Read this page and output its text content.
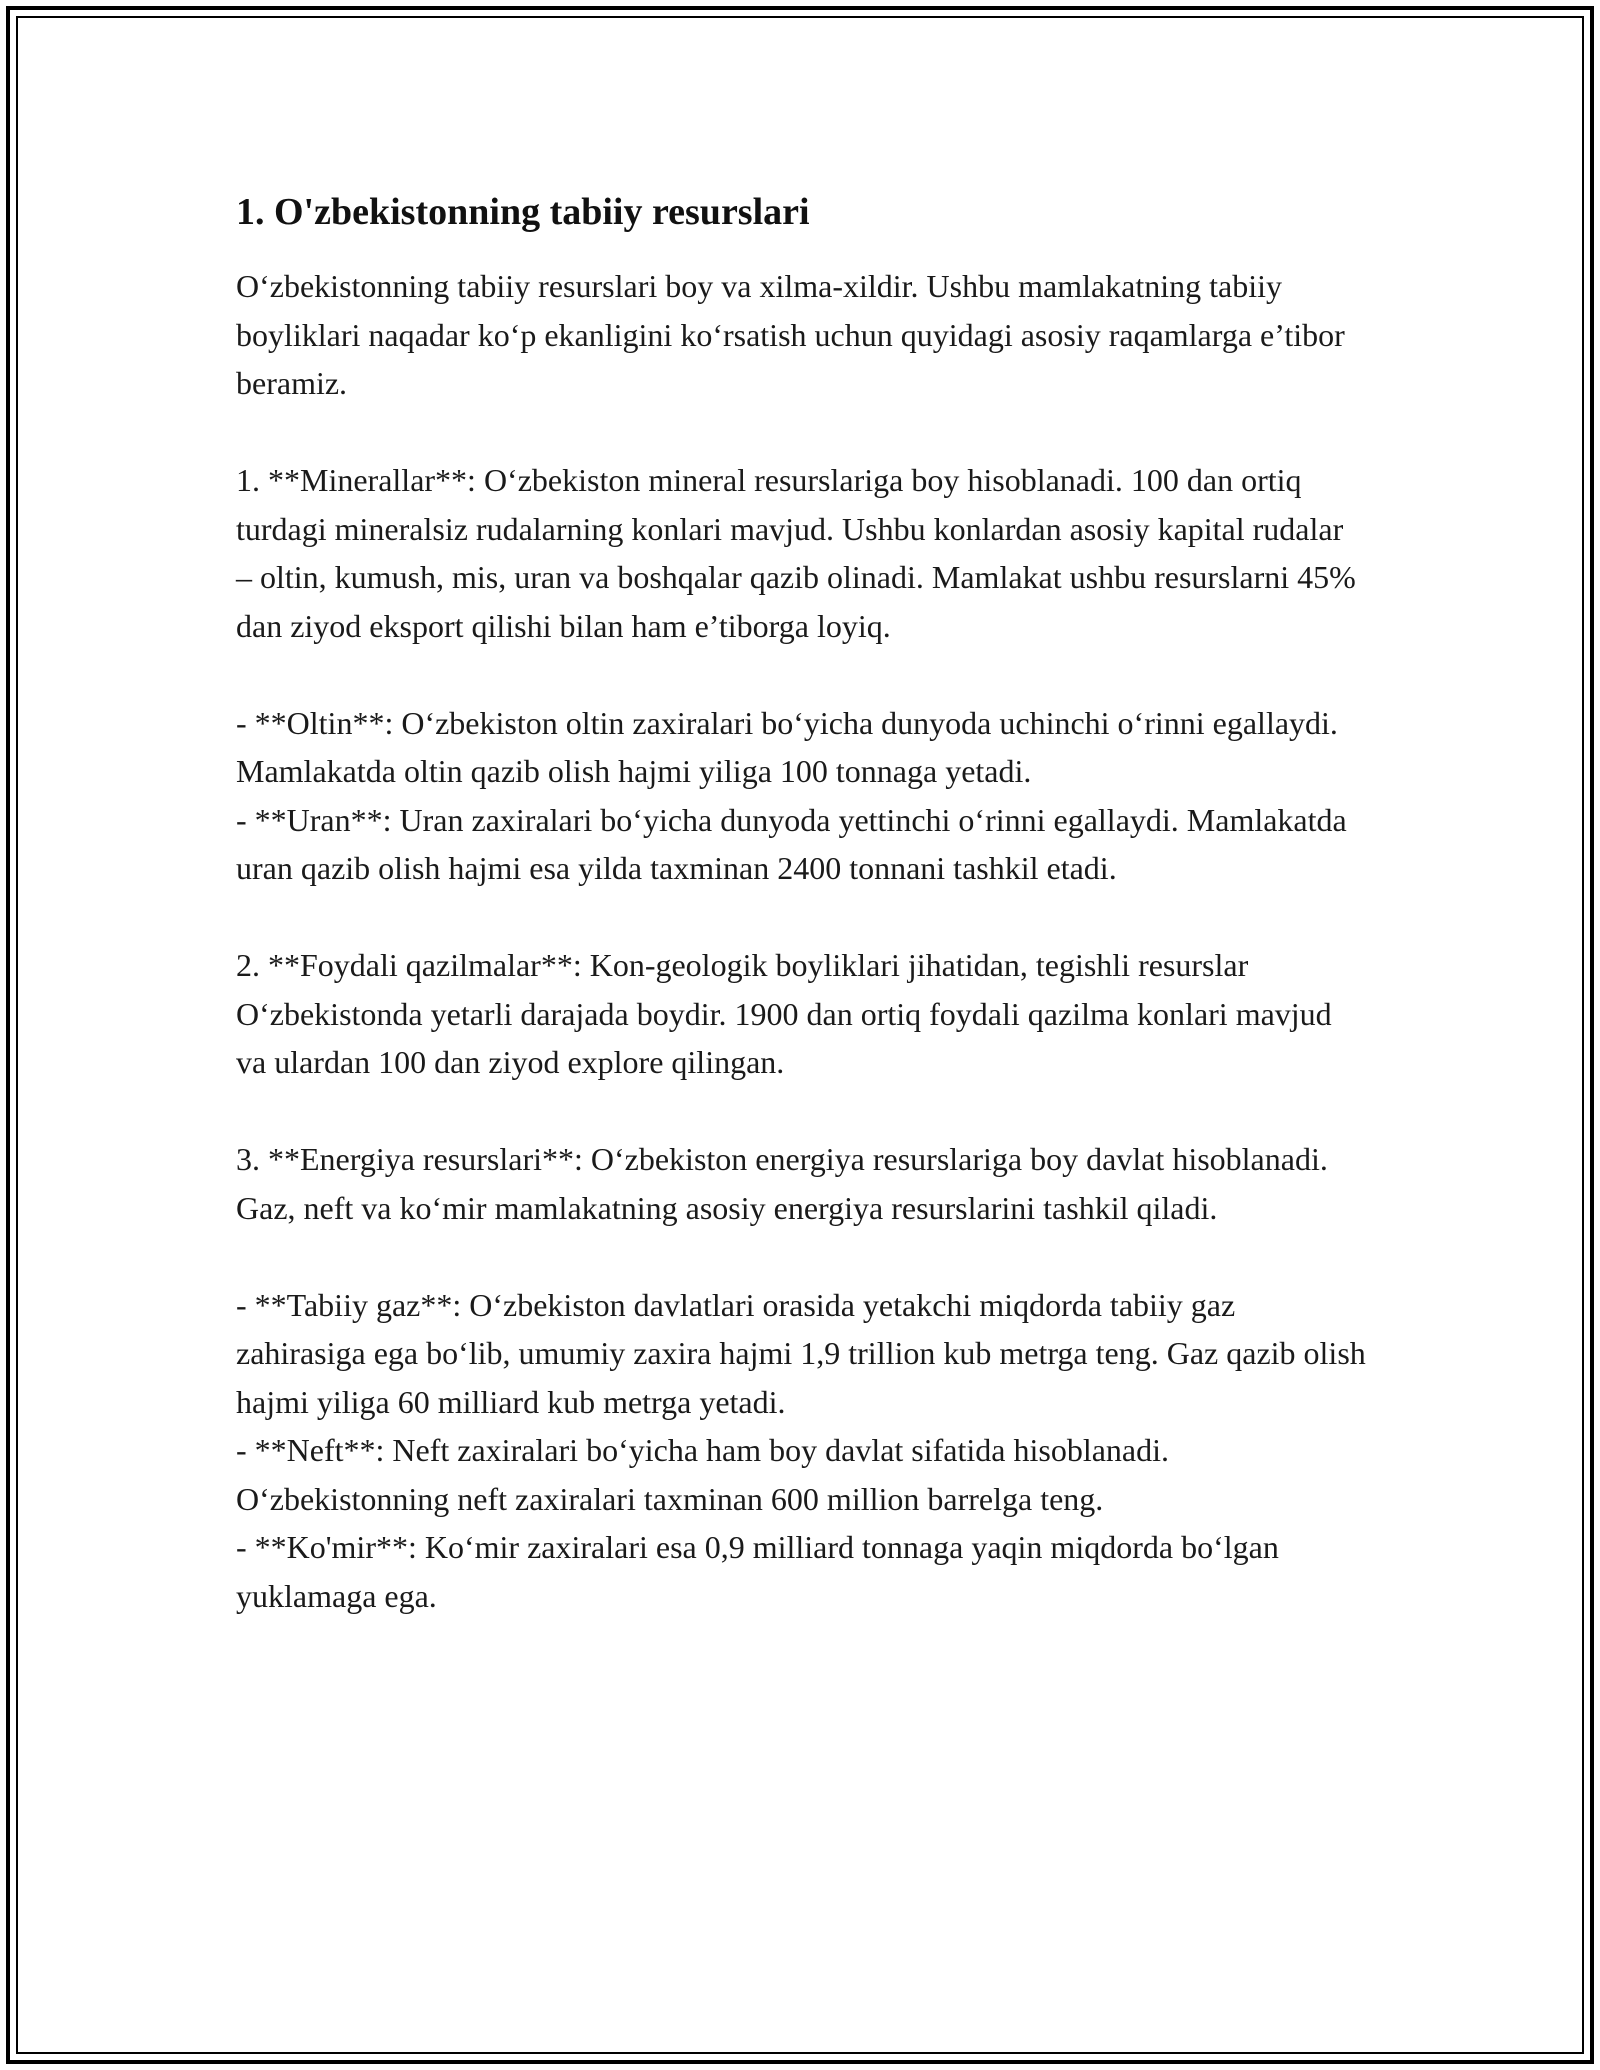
1. O'zbekistonning tabiiy resurslari

O‘zbekistonning tabiiy resurslari boy va xilma-xildir. Ushbu mamlakatning tabiiy boyliklari naqadar ko‘p ekanligini ko‘rsatish uchun quyidagi asosiy raqamlarga e’tibor beramiz.

1. **Minerallar**: O‘zbekiston mineral resurslariga boy hisoblanadi. 100 dan ortiq turdagi mineralsiz rudalarning konlari mavjud. Ushbu konlardan asosiy kapital rudalar – oltin, kumush, mis, uran va boshqalar qazib olinadi. Mamlakat ushbu resurslarni 45% dan ziyod eksport qilishi bilan ham e’tiborga loyiq.

- **Oltin**: O‘zbekiston oltin zaxiralari bo‘yicha dunyoda uchinchi o‘rinni egallaydi. Mamlakatda oltin qazib olish hajmi yiliga 100 tonnaga yetadi.
- **Uran**: Uran zaxiralari bo‘yicha dunyoda yettinchi o‘rinni egallaydi. Mamlakatda uran qazib olish hajmi esa yilda taxminan 2400 tonnani tashkil etadi.

2. **Foydali qazilmalar**: Kon-geologik boyliklari jihatidan, tegishli resurslar O‘zbekistonda yetarli darajada boydir. 1900 dan ortiq foydali qazilma konlari mavjud va ulardan 100 dan ziyod explore qilingan.

3. **Energiya resurslari**: O‘zbekiston energiya resurslariga boy davlat hisoblanadi. Gaz, neft va ko‘mir mamlakatning asosiy energiya resurslarini tashkil qiladi.

- **Tabiiy gaz**: O‘zbekiston davlatlari orasida yetakchi miqdorda tabiiy gaz zahirasiga ega bo‘lib, umumiy zaxira hajmi 1,9 trillion kub metrga teng. Gaz qazib olish hajmi yiliga 60 milliard kub metrga yetadi.
- **Neft**: Neft zaxiralari bo‘yicha ham boy davlat sifatida hisoblanadi. O‘zbekistonning neft zaxiralari taxminan 600 million barrelga teng.
- **Ko'mir**: Ko‘mir zaxiralari esa 0,9 milliard tonnaga yaqin miqdorda bo‘lgan yuklamaga ega.
